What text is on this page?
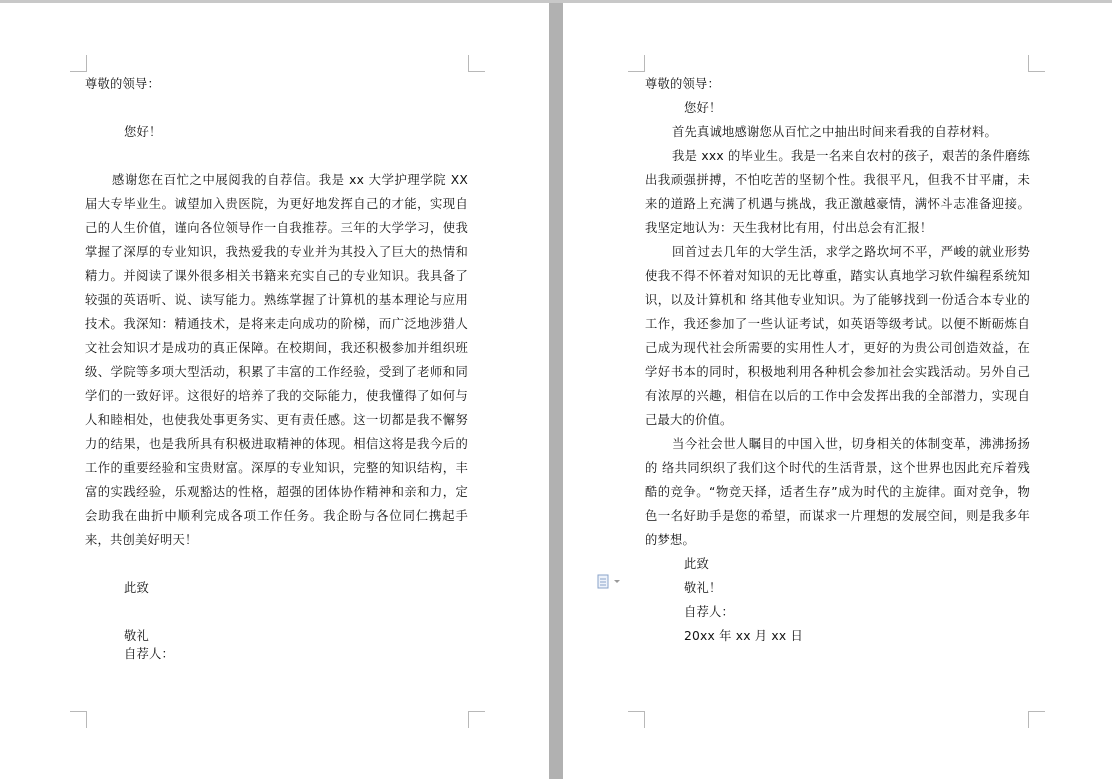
尊敬的领导：

您好！

感谢您在百忙之中展阅我的自荐信。我是 xx 大学护理学院 XX 届大专毕业生。诚望加入贵医院，为更好地发挥自己的才能，实现自己的人生价值，谨向各位领导作一自我推荐。三年的大学学习，使我掌握了深厚的专业知识，我热爱我的专业并为其投入了巨大的热情和精力。并阅读了课外很多相关书籍来充实自己的专业知识。我具备了较强的英语听、说、读写能力。熟练掌握了计算机的基本理论与应用技术。我深知：精通技术，是将来走向成功的阶梯，而广泛地涉猎人文社会知识才是成功的真正保障。在校期间，我还积极参加并组织班级、学院等多项大型活动，积累了丰富的工作经验，受到了老师和同学们的一致好评。这很好的培养了我的交际能力，使我懂得了如何与人和睦相处，也使我处事更务实、更有责任感。这一切都是我不懈努力的结果，也是我所具有积极进取精神的体现。相信这将是我今后的工作的重要经验和宝贵财富。深厚的专业知识，完整的知识结构，丰富的实践经验，乐观豁达的性格，超强的团体协作精神和亲和力，定会助我在曲折中顺利完成各项工作任务。我企盼与各位同仁携起手来，共创美好明天！

此致

敬礼

自荐人：

尊敬的领导：

您好！

首先真诚地感谢您从百忙之中抽出时间来看我的自荐材料。

我是 xxx 的毕业生。我是一名来自农村的孩子，艰苦的条件磨练出我顽强拼搏，不怕吃苦的坚韧个性。我很平凡，但我不甘平庸，未来的道路上充满了机遇与挑战，我正激越豪情，满怀斗志准备迎接。我坚定地认为：天生我材比有用，付出总会有汇报！

回首过去几年的大学生活，求学之路坎坷不平，严峻的就业形势使我不得不怀着对知识的无比尊重，踏实认真地学习软件编程系统知识，以及计算机和 络其他专业知识。为了能够找到一份适合本专业的工作，我还参加了一些认证考试，如英语等级考试。以便不断砺炼自己成为现代社会所需要的实用性人才，更好的为贵公司创造效益，在学好书本的同时，积极地利用各种机会参加社会实践活动。另外自己有浓厚的兴趣，相信在以后的工作中会发挥出我的全部潜力，实现自己最大的价值。

当今社会世人瞩目的中国入世，切身相关的体制变革，沸沸扬扬的 络共同织织了我们这个时代的生活背景，这个世界也因此充斥着残酷的竞争。“物竞天择，适者生存”成为时代的主旋律。面对竞争，物色一名好助手是您的希望，而谋求一片理想的发展空间，则是我多年的梦想。

此致

敬礼！

自荐人：

20xx 年 xx 月 xx 日
